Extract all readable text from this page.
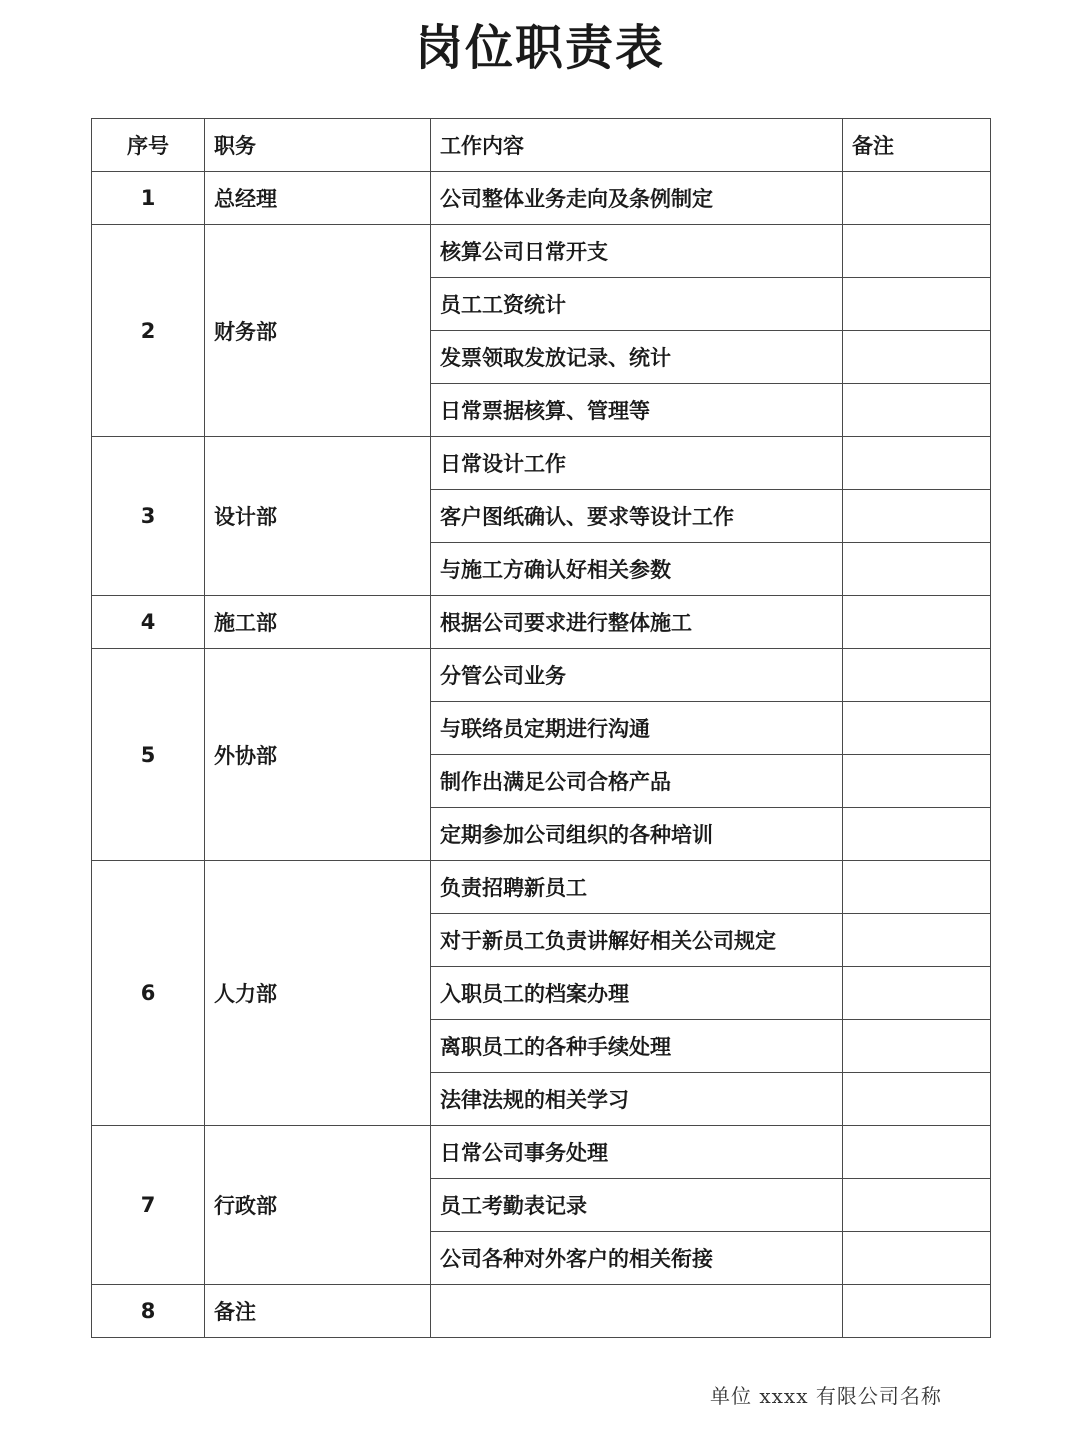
岗位职责表
序号	职务	工作内容	备注
1	总经理	公司整体业务走向及条例制定	
2	财务部	核算公司日常开支	
		员工工资统计	
		发票领取发放记录、统计	
		日常票据核算、管理等	
3	设计部	日常设计工作	
		客户图纸确认、要求等设计工作	
		与施工方确认好相关参数	
4	施工部	根据公司要求进行整体施工	
5	外协部	分管公司业务	
		与联络员定期进行沟通	
		制作出满足公司合格产品	
		定期参加公司组织的各种培训	
6	人力部	负责招聘新员工	
		对于新员工负责讲解好相关公司规定	
		入职员工的档案办理	
		离职员工的各种手续处理	
		法律法规的相关学习	
7	行政部	日常公司事务处理	
		员工考勤表记录	
		公司各种对外客户的相关衔接	
8	备注		
单位 xxxx 有限公司名称
